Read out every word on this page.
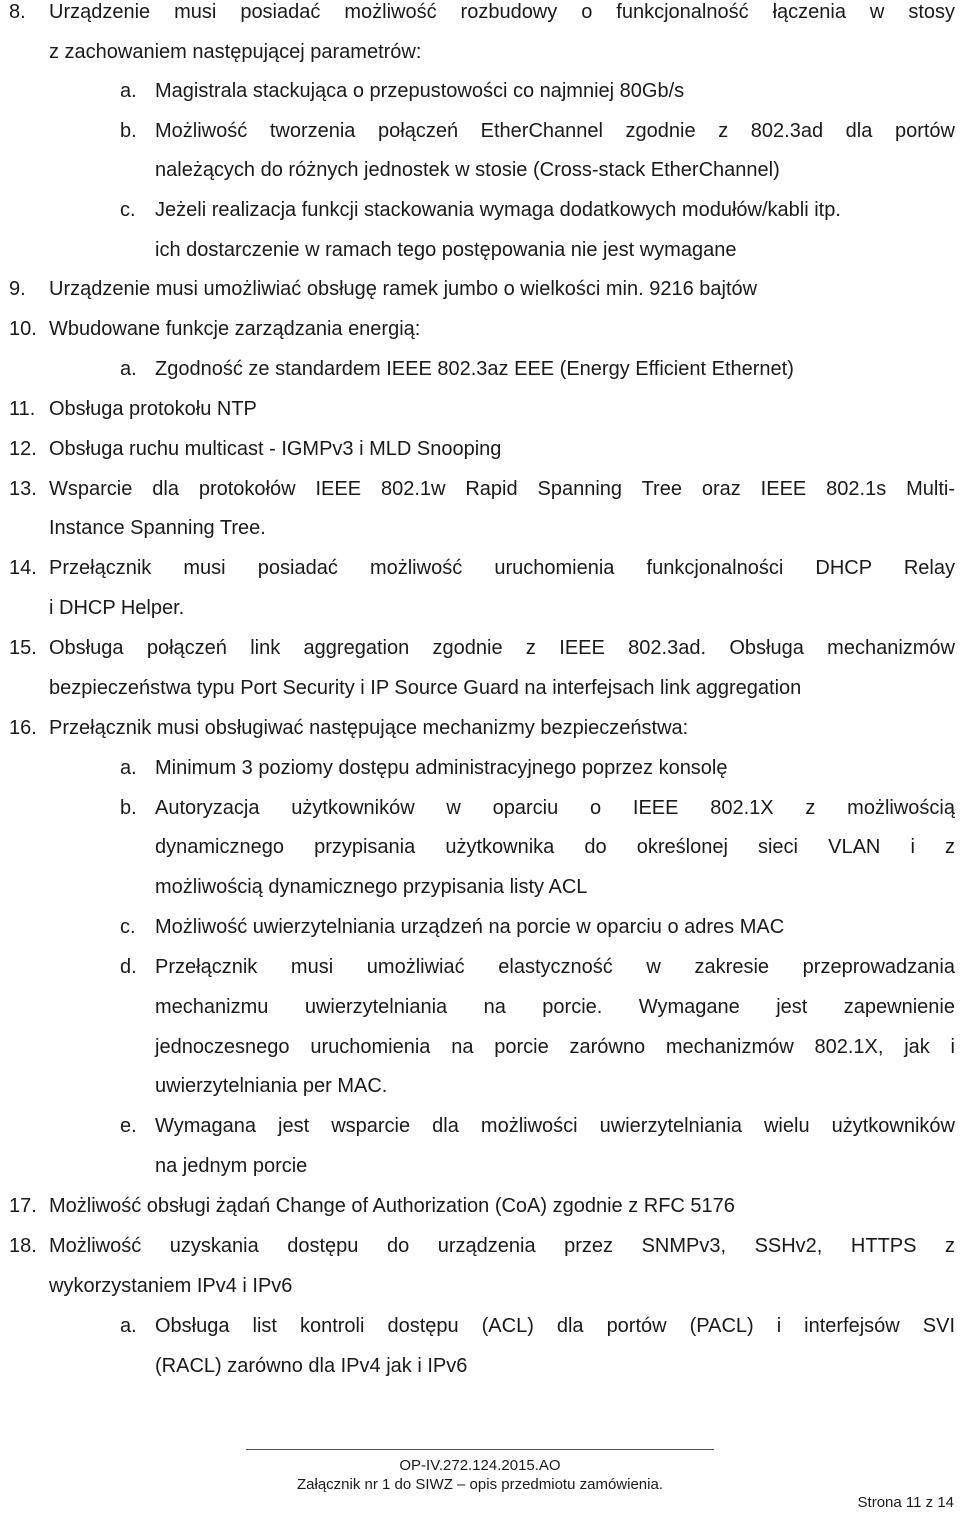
8. Urządzenie musi posiadać możliwość rozbudowy o funkcjonalność łączenia w stosy
z zachowaniem następującej parametrów:
a. Magistrala stackująca o przepustowości co najmniej 80Gb/s
b. Możliwość tworzenia połączeń EtherChannel zgodnie z 802.3ad dla portów
należących do różnych jednostek w stosie (Cross-stack EtherChannel)
c. Jeżeli realizacja funkcji stackowania wymaga dodatkowych modułów/kabli itp.
ich dostarczenie w ramach tego postępowania nie jest wymagane
9. Urządzenie musi umożliwiać obsługę ramek jumbo o wielkości min. 9216 bajtów
10. Wbudowane funkcje zarządzania energią:
a. Zgodność ze standardem IEEE 802.3az EEE (Energy Efficient Ethernet)
11. Obsługa protokołu NTP
12. Obsługa ruchu multicast - IGMPv3 i MLD Snooping
13. Wsparcie dla protokołów IEEE 802.1w Rapid Spanning Tree oraz IEEE 802.1s Multi-
Instance Spanning Tree.
14. Przełącznik musi posiadać możliwość uruchomienia funkcjonalności DHCP Relay
i DHCP Helper.
15. Obsługa połączeń link aggregation zgodnie z IEEE 802.3ad. Obsługa mechanizmów
bezpieczeństwa typu Port Security i IP Source Guard na interfejsach link aggregation
16. Przełącznik musi obsługiwać następujące mechanizmy bezpieczeństwa:
a. Minimum 3 poziomy dostępu administracyjnego poprzez konsolę
b. Autoryzacja użytkowników w oparciu o IEEE 802.1X z możliwością
dynamicznego przypisania użytkownika do określonej sieci VLAN i z
możliwością dynamicznego przypisania listy ACL
c. Możliwość uwierzytelniania urządzeń na porcie w oparciu o adres MAC
d. Przełącznik musi umożliwiać elastyczność w zakresie przeprowadzania
mechanizmu uwierzytelniania na porcie. Wymagane jest zapewnienie
jednoczesnego uruchomienia na porcie zarówno mechanizmów 802.1X, jak i
uwierzytelniania per MAC.
e. Wymagana jest wsparcie dla możliwości uwierzytelniania wielu użytkowników
na jednym porcie
17. Możliwość obsługi żądań Change of Authorization (CoA) zgodnie z RFC 5176
18. Możliwość uzyskania dostępu do urządzenia przez SNMPv3, SSHv2, HTTPS z
wykorzystaniem IPv4 i IPv6
a. Obsługa list kontroli dostępu (ACL) dla portów (PACL) i interfejsów SVI
(RACL) zarówno dla IPv4 jak i IPv6
OP-IV.272.124.2015.AO
Załącznik nr 1 do SIWZ – opis przedmiotu zamówienia.
Strona 11 z 14
